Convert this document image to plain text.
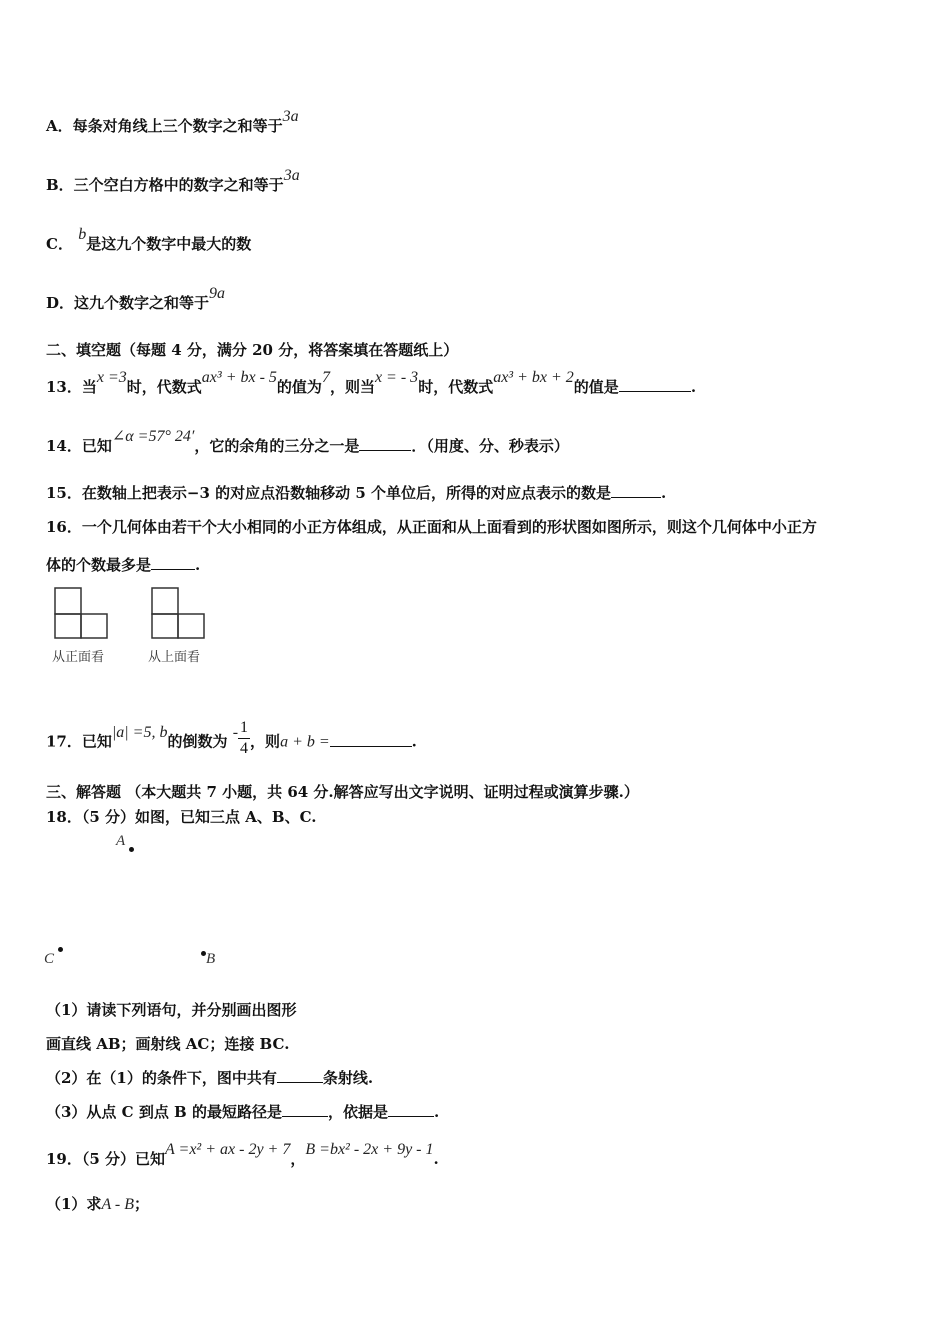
A．每条对角线上三个数字之和等于3a
B．三个空白方格中的数字之和等于3a
C． b是这九个数字中最大的数
D．这九个数字之和等于9a
二、填空题（每题 4 分，满分 20 分，将答案填在答题纸上）
13．当x =3时，代数式ax³ + bx - 5的值为7，则当x = - 3时，代数式ax³ + bx + 2的值是	.
14．已知∠α =57° 24′，它的余角的三分之一是	．（用度、分、秒表示）
15．在数轴上把表示−3 的对应点沿数轴移动 5 个单位后，所得的对应点表示的数是	.
16．一个几何体由若干个大小相同的小正方体组成，从正面和从上面看到的形状图如图所示，则这个几何体中小正方
体的个数最多是	.
从正面看	从上面看
17．已知|a| =5, b的倒数为 - $\frac{1}{4}$ ，则a + b =	.
三、解答题 （本大题共 7 小题，共 64 分.解答应写出文字说明、证明过程或演算步骤.）
18．（5 分）如图，已知三点 A、B、C.
A
C	B
（1）请读下列语句，并分别画出图形
画直线 AB；画射线 AC；连接 BC.
（2）在（1）的条件下，图中共有	条射线.
（3）从点 C 到点 B 的最短路径是	，依据是	.
19．（5 分）已知A =x² + ax - 2y + 7，B =bx² - 2x + 9y - 1.
（1）求A - B；
